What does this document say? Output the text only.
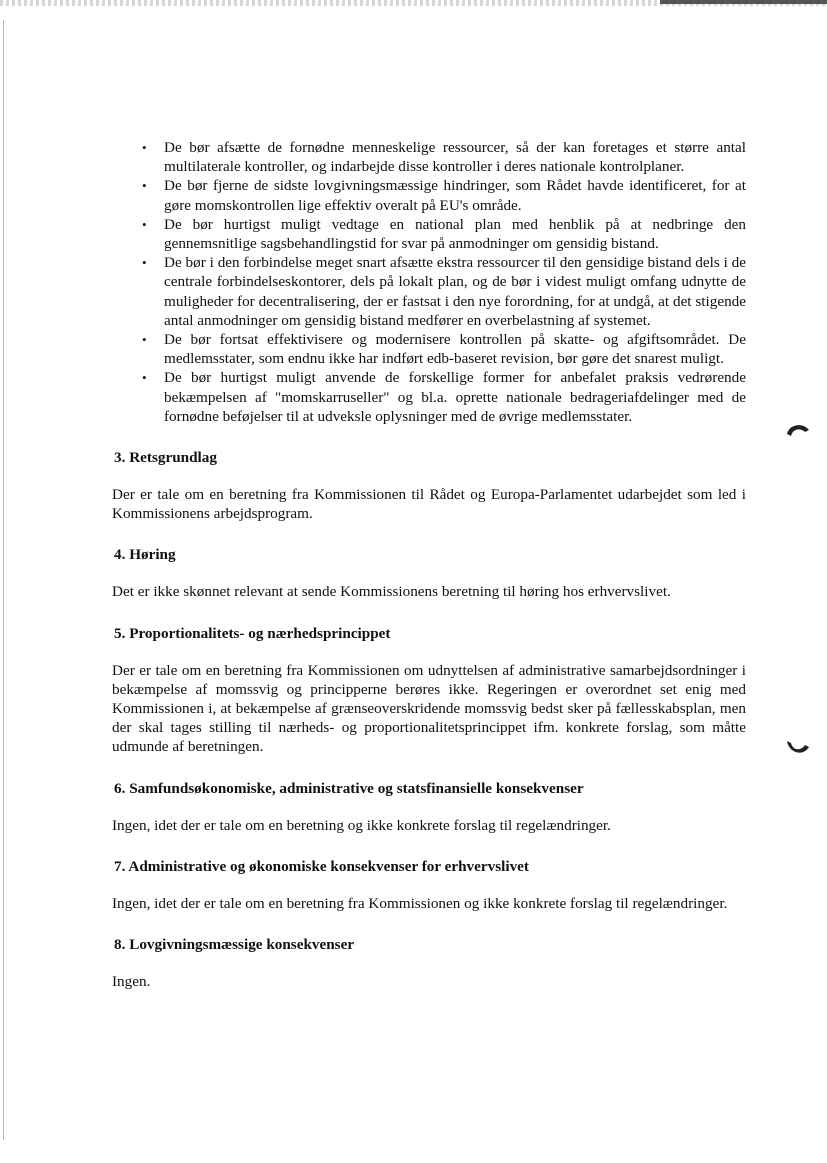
• De bør afsætte de fornødne menneskelige ressourcer, så der kan foretages et større antal multilaterale kontroller, og indarbejde disse kontroller i deres nationale kontrolplaner.
• De bør fjerne de sidste lovgivningsmæssige hindringer, som Rådet havde identificeret, for at gøre momskontrollen lige effektiv overalt på EU's område.
• De bør hurtigst muligt vedtage en national plan med henblik på at nedbringe den gennemsnitlige sagsbehandlingstid for svar på anmodninger om gensidig bistand.
• De bør i den forbindelse meget snart afsætte ekstra ressourcer til den gensidige bistand dels i de centrale forbindelseskontorer, dels på lokalt plan, og de bør i videst muligt omfang udnytte de muligheder for decentralisering, der er fastsat i den nye forordning, for at undgå, at det stigende antal anmodninger om gensidig bistand medfører en overbelastning af systemet.
• De bør fortsat effektivisere og modernisere kontrollen på skatte- og afgiftsområdet. De medlemsstater, som endnu ikke har indført edb-baseret revision, bør gøre det snarest muligt.
• De bør hurtigst muligt anvende de forskellige former for anbefalet praksis vedrørende bekæmpelsen af "momskarruseller" og bl.a. oprette nationale bedrageriafdelinger med de fornødne beføjelser til at udveksle oplysninger med de øvrige medlemsstater.
3. Retsgrundlag

Der er tale om en beretning fra Kommissionen til Rådet og Europa-Parlamentet udarbejdet som led i Kommissionens arbejdsprogram.

4. Høring

Det er ikke skønnet relevant at sende Kommissionens beretning til høring hos erhvervslivet.

5. Proportionalitets- og nærhedsprincippet

Der er tale om en beretning fra Kommissionen om udnyttelsen af administrative samarbejdsordninger i bekæmpelse af momssvig og principperne berøres ikke. Regeringen er overordnet set enig med Kommissionen i, at bekæmpelse af grænseoverskridende momssvig bedst sker på fællesskabsplan, men der skal tages stilling til nærheds- og proportionalitetsprincippet ifm. konkrete forslag, som måtte udmunde af beretningen.

6. Samfundsøkonomiske, administrative og statsfinansielle konsekvenser

Ingen, idet der er tale om en beretning og ikke konkrete forslag til regelændringer.

7. Administrative og økonomiske konsekvenser for erhvervslivet

Ingen, idet der er tale om en beretning fra Kommissionen og ikke konkrete forslag til regelændringer.

8. Lovgivningsmæssige konsekvenser

Ingen.
